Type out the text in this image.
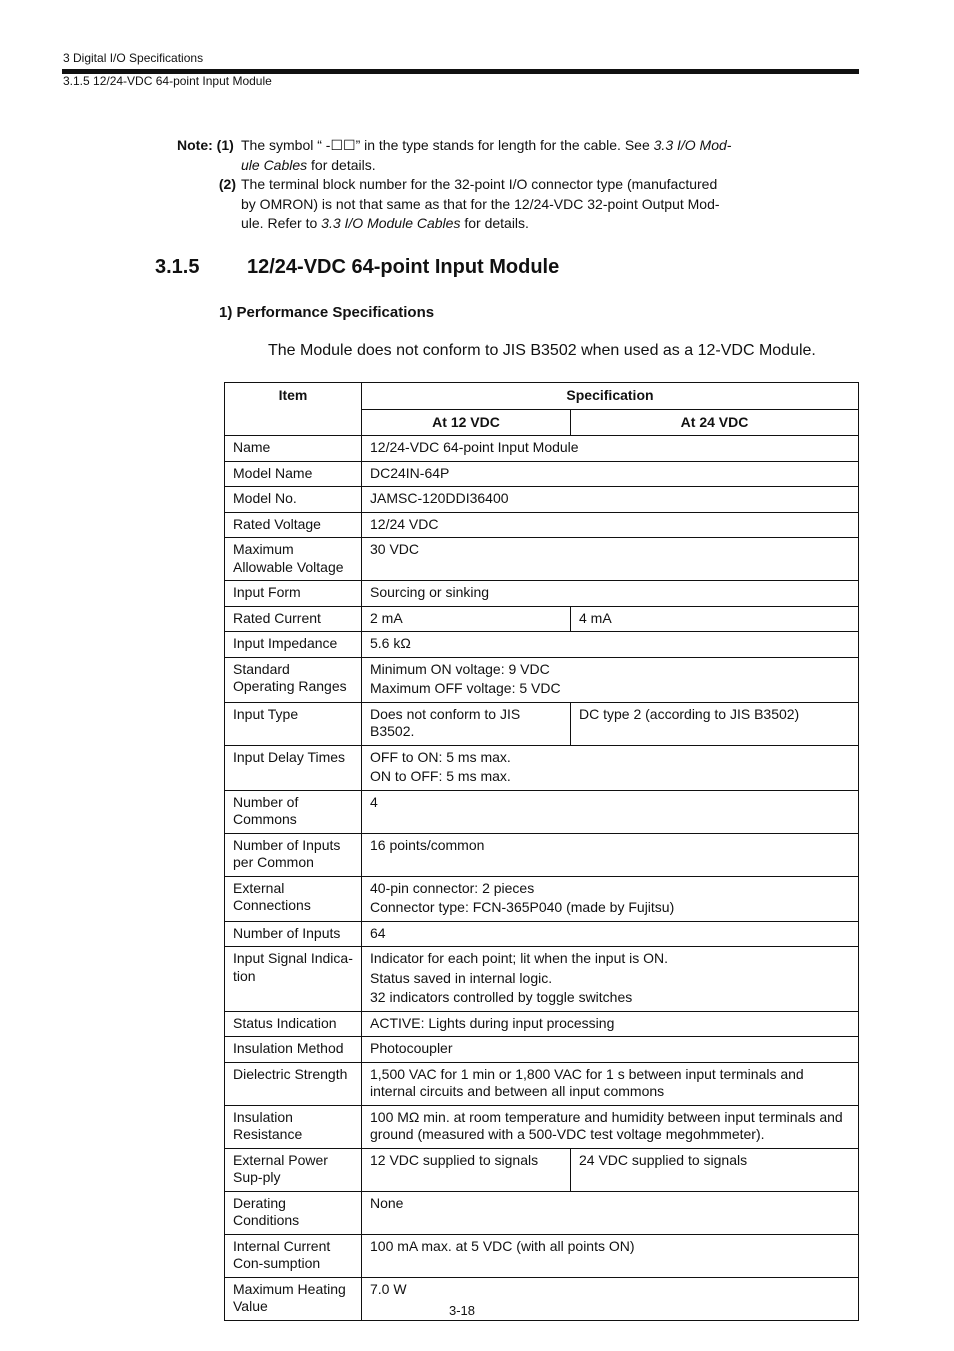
3 Digital I/O Specifications
3.1.5 12/24-VDC 64-point Input Module
Note: (1) The symbol “ -☐☐” in the type stands for length for the cable. See 3.3 I/O Mod-
ule Cables for details.
(2) The terminal block number for the 32-point I/O connector type (manufactured
by OMRON) is not that same as that for the 12/24-VDC 32-point Output Mod-
ule. Refer to 3.3 I/O Module Cables for details.
3.1.5 12/24-VDC 64-point Input Module
1) Performance Specifications
The Module does not conform to JIS B3502 when used as a 12-VDC Module.
Item	Specification	
	At 12 VDC	At 24 VDC
Name	12/24-VDC 64-point Input Module	
Model Name	DC24IN-64P	
Model No.	JAMSC-120DDI36400	
Rated Voltage	12/24 VDC	
Maximum Allowable Voltage	30 VDC	
Input Form	Sourcing or sinking	
Rated Current	2 mA	4 mA
Input Impedance	5.6 kΩ	
Standard Operating Ranges	Minimum ON voltage: 9 VDC
Maximum OFF voltage: 5 VDC	

Input Type	Does not conform to JIS B3502.	DC type 2 (according to JIS B3502)
Input Delay Times	OFF to ON: 5 ms max.
ON to OFF: 5 ms max.	

Number of Commons	4	
Number of Inputs per Common	16 points/common	
External Connections	40-pin connector: 2 pieces
Connector type: FCN-365P040 (made by Fujitsu)	

Number of Inputs	64	
Input Signal Indica-tion	Indicator for each point; lit when the input is ON.
Status saved in internal logic.
32 indicators controlled by toggle switches	

Status Indication	ACTIVE: Lights during input processing	
Insulation Method	Photocoupler	
Dielectric Strength	1,500 VAC for 1 min or 1,800 VAC for 1 s between input terminals and internal circuits and between all input commons	
Insulation Resistance	100 MΩ min. at room temperature and humidity between input terminals and ground (measured with a 500-VDC test voltage megohmmeter).	
External Power Sup-ply	12 VDC supplied to signals	24 VDC supplied to signals
Derating Conditions	None	
Internal Current Con-sumption	100 mA max. at 5 VDC (with all points ON)	
Maximum Heating Value	7.0 W	
3-18
